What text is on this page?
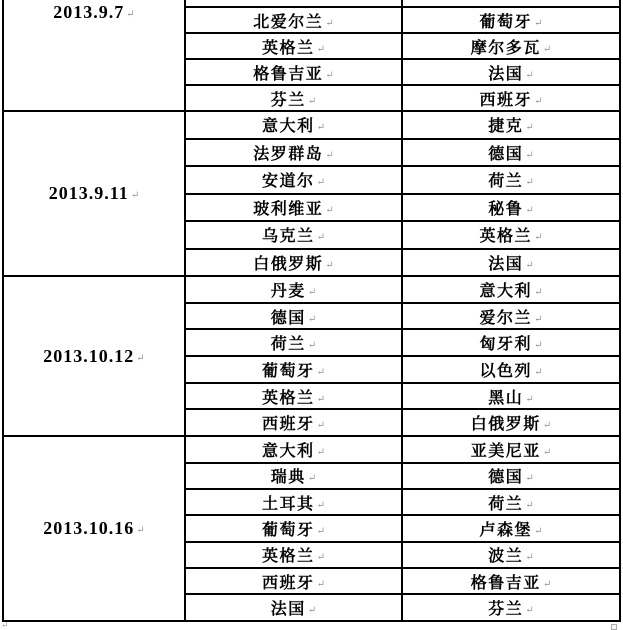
2013.9.7 ↵		
	北爱尔兰 ↵	葡萄牙 ↵
	英格兰 ↵	摩尔多瓦 ↵
	格鲁吉亚 ↵	法国 ↵
	芬兰 ↵	西班牙 ↵
2013.9.11 ↵	意大利 ↵	捷克 ↵
	法罗群岛 ↵	德国 ↵
	安道尔 ↵	荷兰 ↵
	玻利维亚 ↵	秘鲁 ↵
	乌克兰 ↵	英格兰 ↵
	白俄罗斯 ↵	法国 ↵
2013.10.12 ↵	丹麦 ↵	意大利 ↵
	德国 ↵	爱尔兰 ↵
	荷兰 ↵	匈牙利 ↵
	葡萄牙 ↵	以色列 ↵
	英格兰 ↵	黑山 ↵
	西班牙 ↵	白俄罗斯 ↵
2013.10.16 ↵	意大利 ↵	亚美尼亚 ↵
	瑞典 ↵	德国 ↵
	土耳其 ↵	荷兰 ↵
	葡萄牙 ↵	卢森堡 ↵
	英格兰 ↵	波兰 ↵
	西班牙 ↵	格鲁吉亚 ↵
	法国 ↵	芬兰 ↵
↵
